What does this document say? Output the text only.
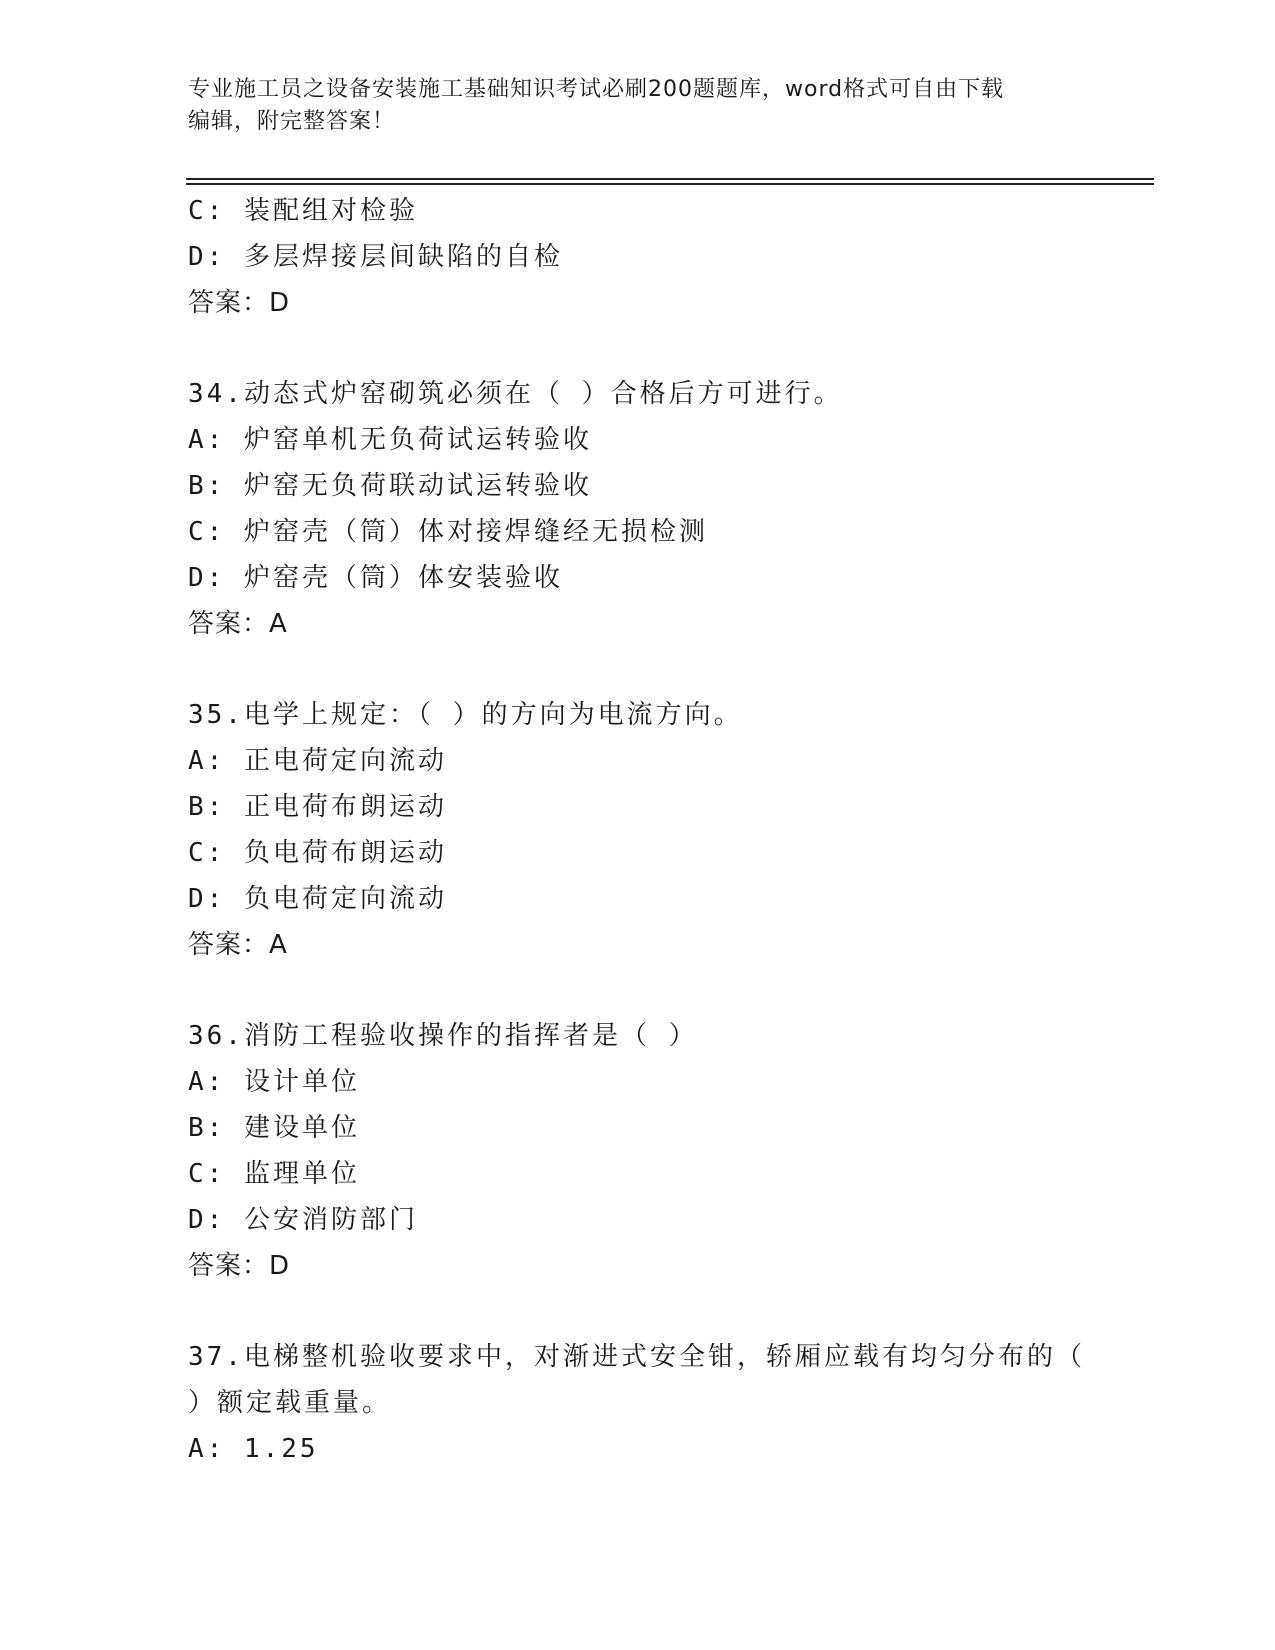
专业施工员之设备安装施工基础知识考试必刷200题题库，word格式可自由下载
编辑，附完整答案！
C: 装配组对检验
D: 多层焊接层间缺陷的自检
答案：D
34.动态式炉窑砌筑必须在（ ）合格后方可进行。
A: 炉窑单机无负荷试运转验收
B: 炉窑无负荷联动试运转验收
C: 炉窑壳（筒）体对接焊缝经无损检测
D: 炉窑壳（筒）体安装验收
答案：A
35.电学上规定：（ ）的方向为电流方向。
A: 正电荷定向流动
B: 正电荷布朗运动
C: 负电荷布朗运动
D: 负电荷定向流动
答案：A
36.消防工程验收操作的指挥者是（ ）
A: 设计单位
B: 建设单位
C: 监理单位
D: 公安消防部门
答案：D
37.电梯整机验收要求中，对渐进式安全钳，轿厢应载有均匀分布的（
）额定载重量。
A: 1.25
